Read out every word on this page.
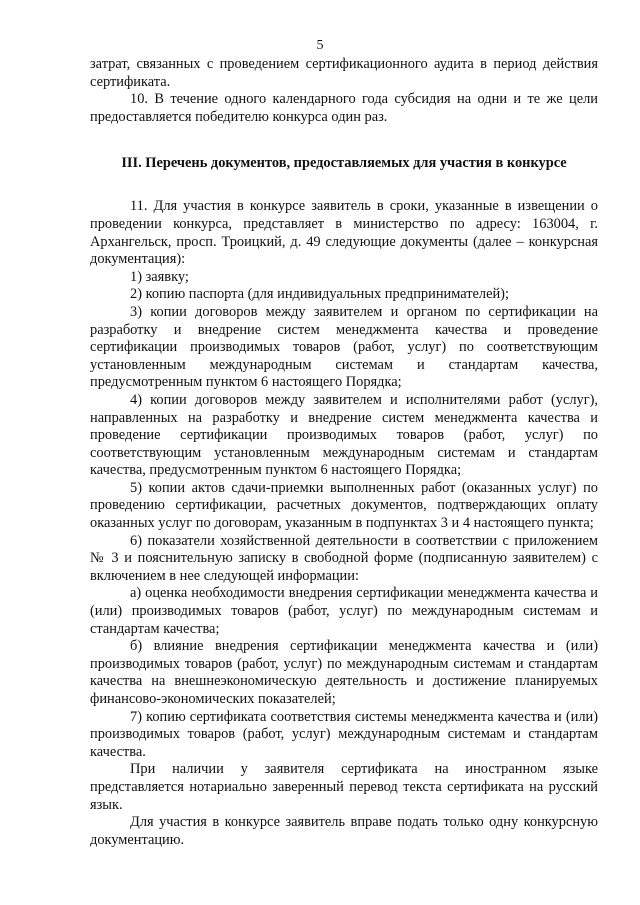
5

затрат, связанных с проведением сертификационного аудита в период действия сертификата.

10. В течение одного календарного года субсидия на одни и те же цели предоставляется победителю конкурса один раз.

III. Перечень документов, предоставляемых для участия в конкурсе

11. Для участия в конкурсе заявитель в сроки, указанные в извещении о проведении конкурса, представляет в министерство по адресу: 163004, г. Архангельск, просп. Троицкий, д. 49 следующие документы (далее – конкурсная документация):

1) заявку;

2) копию паспорта (для индивидуальных предпринимателей);

3) копии договоров между заявителем и органом по сертификации на разработку и внедрение систем менеджмента качества и проведение сертификации производимых товаров (работ, услуг) по соответствующим установленным международным системам и стандартам качества, предусмотренным пунктом 6 настоящего Порядка;

4) копии договоров между заявителем и исполнителями работ (услуг), направленных на разработку и внедрение систем менеджмента качества и проведение сертификации производимых товаров (работ, услуг) по соответствующим установленным международным системам и стандартам качества, предусмотренным пунктом 6 настоящего Порядка;

5) копии актов сдачи-приемки выполненных работ (оказанных услуг) по проведению сертификации, расчетных документов, подтверждающих оплату оказанных услуг по договорам, указанным в подпунктах 3 и 4 настоящего пункта;

6) показатели хозяйственной деятельности в соответствии с приложением № 3 и пояснительную записку в свободной форме (подписанную заявителем) с включением в нее следующей информации:

а) оценка необходимости внедрения сертификации менеджмента качества и (или) производимых товаров (работ, услуг) по международным системам и стандартам качества;

б) влияние внедрения сертификации менеджмента качества и (или) производимых товаров (работ, услуг) по международным системам и стандартам качества на внешнеэкономическую деятельность и достижение планируемых финансово-экономических показателей;

7) копию сертификата соответствия системы менеджмента качества и (или) производимых товаров (работ, услуг) международным системам и стандартам качества.

При наличии у заявителя сертификата на иностранном языке представляется нотариально заверенный перевод текста сертификата на русский язык.

Для участия в конкурсе заявитель вправе подать только одну конкурсную документацию.
